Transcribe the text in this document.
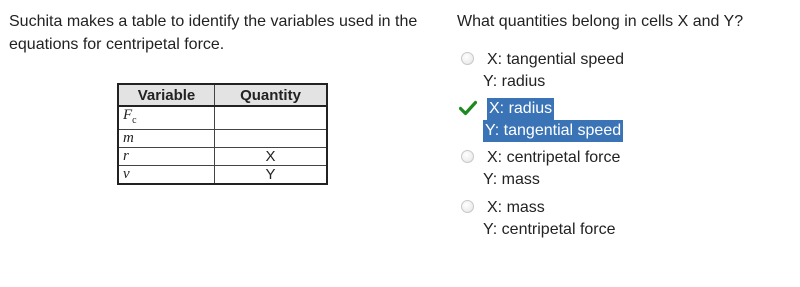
Suchita makes a table to identify the variables used in the equations for centripetal force.

Variable	Quantity
$F_c$	
m	
r	X
v	Y

What quantities belong in cells X and Y?

X: tangential speed
Y: radius
X: radius
Y: tangential speed
X: centripetal force
Y: mass
X: mass
Y: centripetal force
